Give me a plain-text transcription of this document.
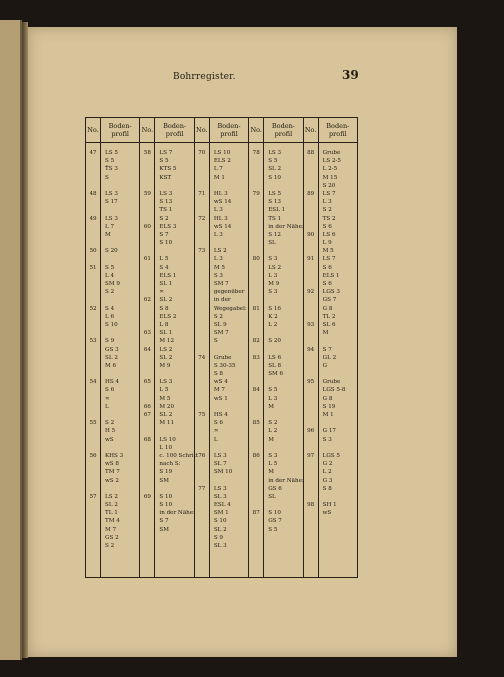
Bohrregister.	39
No.	Boden-profil
47	LS 5
S 5
T̄S 3
S
48	LS 3
S 17
49	LS 3
L 7
M
50	S 20
51	S 5
L 4
SM 9
S 2
52	S 4
L 6
S 10
53	S 9
GS 3
SL 2
M 6
54	HS 4
S 6
≍
L
55	S 2
H 5
wS
56	KHS 3
wS 8
TM 7
wS 2
57	LS 2
SL 2
TL 1
TM 4
M 7
GS 2
S 2
No.	Boden-profil
58	LS 7
S 5
KTS 5
KST
59	LS 3
S 13
TS 1
S 2
60	ELS 3
S 7
S 10
61	L 5
S 4
ELS 1
SL 1
≍
62	SL 2
S 8
ELS 2
L 8
63	SL 1
M 12
64	LS 2
SL 2
M 9
65	LS 3
L 5
M 5
66	M 20
67	SL 2
M 11
68	LS 10
L 10
c. 100 Schritt
nach S:
S 19
SM
69	S 10
S 10
in der Nähe:
S 7
SM
No.	Boden-profil
70	LS 10
ELS 2
L 7
M 1
71	HL 3
wS 14
L 3
72	HL 3
wS 14
L 3
73	LS 2
L 3
M 5
S 3
SM 7
gegenüber
in der
Wegegabel:
S 2
SL 9
SM 7
S
74	Grube
S 30-35
S 8
wS 4
M 7
wS 1
75	HS 4
S 6
≍
L
76	LS 3
SL 7
SM 10
77	LS 3
SL 3
ESL 4
SM 1
S 10
SL 2
S 9
SL 3
No.	Boden-profil
78	LS 3
S 5
SL 2
S 10
79	LS 5
S 13
ESL 1
TS 1
in der Nähe:
S 12
SL
80	S 3
LS 2
L 3
M 9
S 3
81	S 16
K 2
L 2
82	S 20
83	LS 6
SL 8
SM 6
84	S 5
L 3
M
85	S 2
L 2
M
86	S 3
L 5
M
in der Nähe:
GS 6
SL
87	S 10
GS 7
S 5
No.	Boden-profil
88	Grube
LS 2-5
L 2-5
M 15
S 20
89	LS 7
L 3
S 2
TS 2
S 6
90	LS 6
L 9
M 5
91	LS 7
S 6
ELS 1
S 6
92	LGS 3
GS 7
G 8
TL 2
93	SL 6
M
94	S 7
GL 2
G
95	Grube
LGS 5-8
G 8
S 19
M 1
96	G 17
S 3
97	LGS 5
G 2
L 2
G 3
S 8
98	SH 1
wS
